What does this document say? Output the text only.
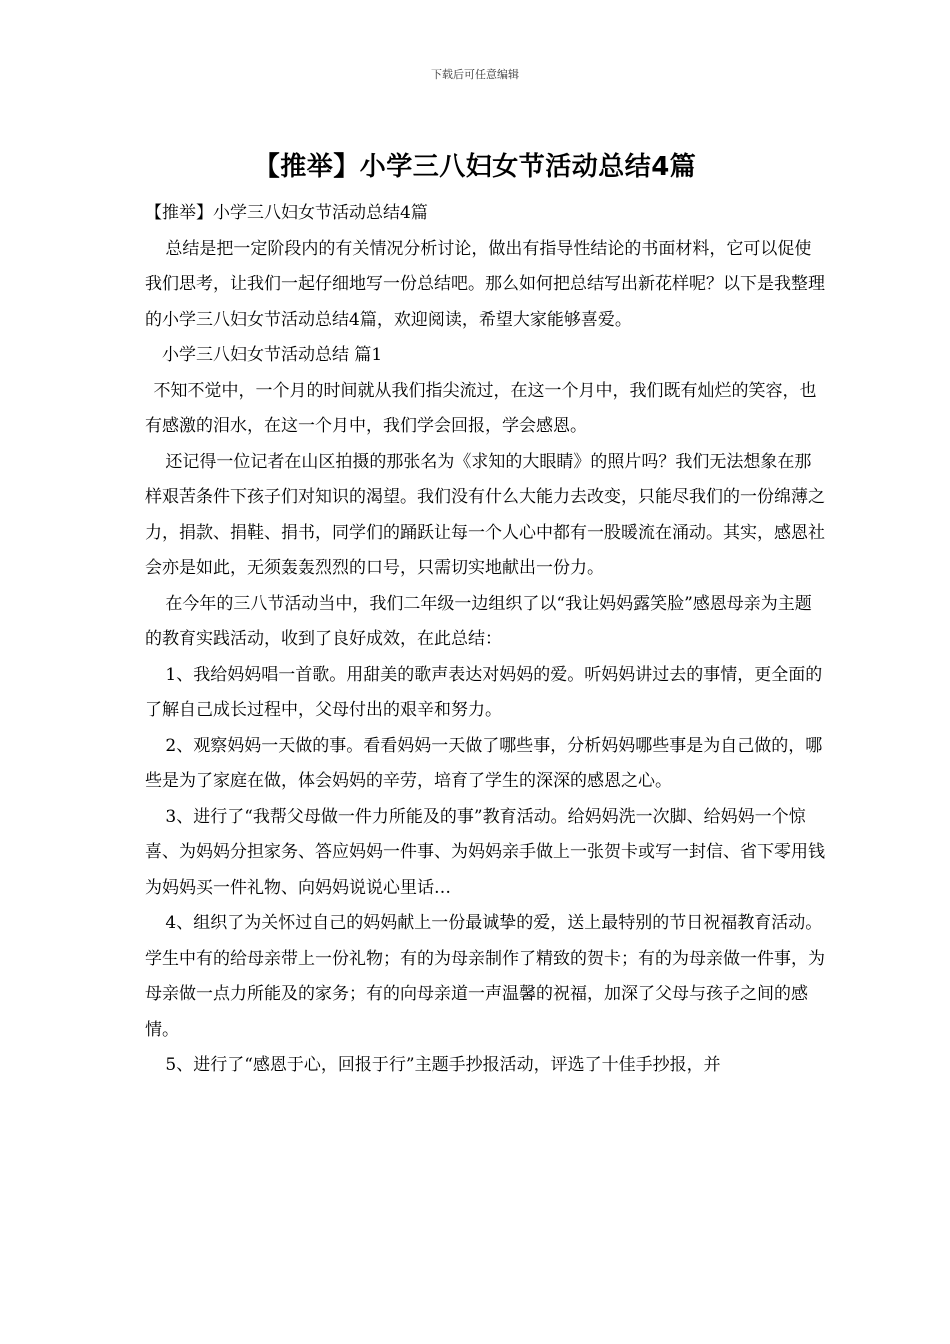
下载后可任意编辑
【推举】小学三八妇女节活动总结4篇
【推举】小学三八妇女节活动总结4篇

总结是把一定阶段内的有关情况分析讨论，做出有指导性结论的书面材料，它可以促使我们思考，让我们一起仔细地写一份总结吧。那么如何把总结写出新花样呢？以下是我整理的小学三八妇女节活动总结4篇，欢迎阅读，希望大家能够喜爱。

小学三八妇女节活动总结 篇1

不知不觉中，一个月的时间就从我们指尖流过，在这一个月中，我们既有灿烂的笑容，也有感激的泪水，在这一个月中，我们学会回报，学会感恩。

还记得一位记者在山区拍摄的那张名为《求知的大眼睛》的照片吗？我们无法想象在那样艰苦条件下孩子们对知识的渴望。我们没有什么大能力去改变，只能尽我们的一份绵薄之力，捐款、捐鞋、捐书，同学们的踊跃让每一个人心中都有一股暖流在涌动。其实，感恩社会亦是如此，无须轰轰烈烈的口号，只需切实地献出一份力。

在今年的三八节活动当中，我们二年级一边组织了以“我让妈妈露笑脸”感恩母亲为主题的教育实践活动，收到了良好成效，在此总结：

1、我给妈妈唱一首歌。用甜美的歌声表达对妈妈的爱。听妈妈讲过去的事情，更全面的了解自己成长过程中，父母付出的艰辛和努力。

2、观察妈妈一天做的事。看看妈妈一天做了哪些事，分析妈妈哪些事是为自己做的，哪些是为了家庭在做，体会妈妈的辛劳，培育了学生的深深的感恩之心。

3、进行了“我帮父母做一件力所能及的事”教育活动。给妈妈洗一次脚、给妈妈一个惊喜、为妈妈分担家务、答应妈妈一件事、为妈妈亲手做上一张贺卡或写一封信、省下零用钱为妈妈买一件礼物、向妈妈说说心里话…

4、组织了为关怀过自己的妈妈献上一份最诚挚的爱，送上最特别的节日祝福教育活动。学生中有的给母亲带上一份礼物；有的为母亲制作了精致的贺卡；有的为母亲做一件事，为母亲做一点力所能及的家务；有的向母亲道一声温馨的祝福，加深了父母与孩子之间的感情。

5、进行了“感恩于心，回报于行”主题手抄报活动，评选了十佳手抄报，并
